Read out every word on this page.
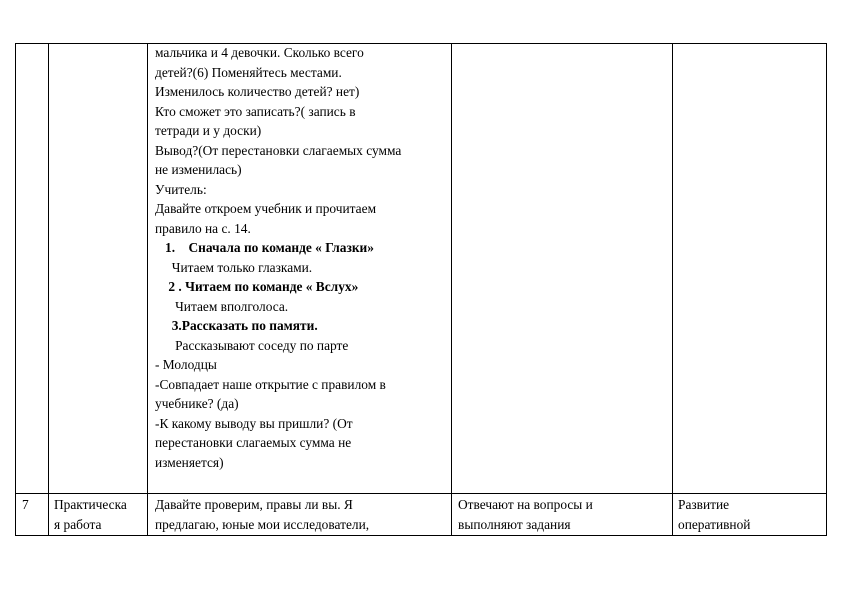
мальчика и 4 девочки. Сколько всего
детей?(6) Поменяйтесь местами.
Изменилось количество детей? нет)
Кто сможет это записать?( запись в
тетради и у доски)
Вывод?(От перестановки слагаемых сумма
не изменилась)
Учитель:
Давайте откроем учебник и прочитаем
правило на с. 14.
1.    Сначала по команде « Глазки»
Читаем только глазками.
2 . Читаем по команде « Вслух»
Читаем вполголоса.
3.Рассказать по памяти.
Рассказывают соседу по парте
- Молодцы
-Совпадает наше открытие с правилом в
учебнике? (да)
-К какому выводу вы пришли? (От
перестановки слагаемых сумма не
изменяется)
7 Практическа
я работа
Давайте проверим, правы ли вы. Я
предлагаю, юные мои исследователи,
Отвечают на вопросы и
выполняют задания
Развитие
оперативной
